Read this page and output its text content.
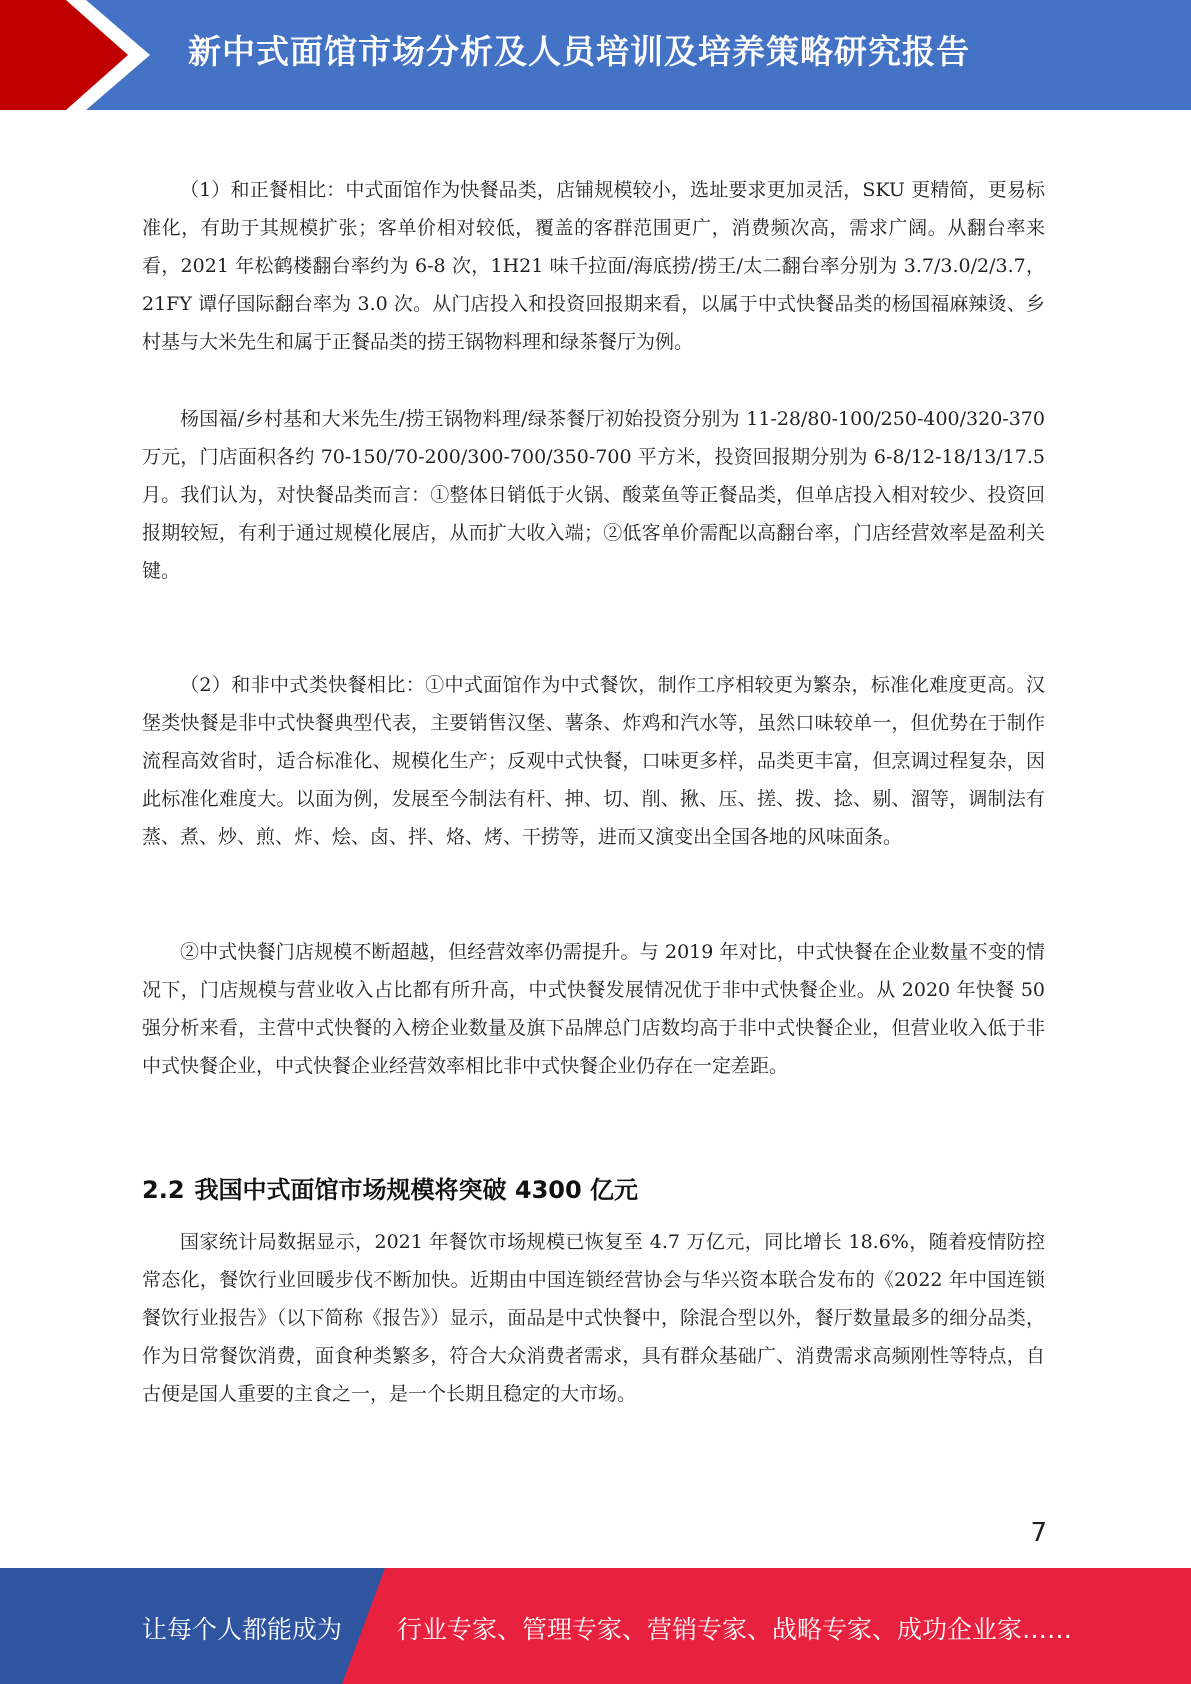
新中式面馆市场分析及人员培训及培养策略研究报告

（1）和正餐相比：中式面馆作为快餐品类，店铺规模较小，选址要求更加灵活，SKU 更精简，更易标准化，有助于其规模扩张；客单价相对较低，覆盖的客群范围更广，消费频次高，需求广阔。从翻台率来看，2021 年松鹤楼翻台率约为 6-8 次，1H21 味千拉面/海底捞/捞王/太二翻台率分别为 3.7/3.0/2/3.7，21FY 谭仔国际翻台率为 3.0 次。从门店投入和投资回报期来看，以属于中式快餐品类的杨国福麻辣烫、乡村基与大米先生和属于正餐品类的捞王锅物料理和绿茶餐厅为例。

杨国福/乡村基和大米先生/捞王锅物料理/绿茶餐厅初始投资分别为 11-28/80-100/250-400/320-370 万元，门店面积各约 70-150/70-200/300-700/350-700 平方米，投资回报期分别为 6-8/12-18/13/17.5 月。我们认为，对快餐品类而言：①整体日销低于火锅、酸菜鱼等正餐品类，但单店投入相对较少、投资回报期较短，有利于通过规模化展店，从而扩大收入端；②低客单价需配以高翻台率，门店经营效率是盈利关键。

（2）和非中式类快餐相比：①中式面馆作为中式餐饮，制作工序相较更为繁杂，标准化难度更高。汉堡类快餐是非中式快餐典型代表，主要销售汉堡、薯条、炸鸡和汽水等，虽然口味较单一，但优势在于制作流程高效省时，适合标准化、规模化生产；反观中式快餐，口味更多样，品类更丰富，但烹调过程复杂，因此标准化难度大。以面为例，发展至今制法有杆、抻、切、削、揪、压、搓、拨、捻、剔、溜等，调制法有蒸、煮、炒、煎、炸、烩、卤、拌、烙、烤、干捞等，进而又演变出全国各地的风味面条。

②中式快餐门店规模不断超越，但经营效率仍需提升。与 2019 年对比，中式快餐在企业数量不变的情况下，门店规模与营业收入占比都有所升高，中式快餐发展情况优于非中式快餐企业。从 2020 年快餐 50 强分析来看，主营中式快餐的入榜企业数量及旗下品牌总门店数均高于非中式快餐企业，但营业收入低于非中式快餐企业，中式快餐企业经营效率相比非中式快餐企业仍存在一定差距。

国家统计局数据显示，2021 年餐饮市场规模已恢复至 4.7 万亿元，同比增长 18.6%，随着疫情防控常态化，餐饮行业回暖步伐不断加快。近期由中国连锁经营协会与华兴资本联合发布的《2022 年中国连锁餐饮行业报告》（以下简称《报告》）显示，面品是中式快餐中，除混合型以外，餐厅数量最多的细分品类，作为日常餐饮消费，面食种类繁多，符合大众消费者需求，具有群众基础广、消费需求高频刚性等特点，自古便是国人重要的主食之一，是一个长期且稳定的大市场。

2.2 我国中式面馆市场规模将突破 4300 亿元
7
让每个人都能成为 行业专家、管理专家、营销专家、战略专家、成功企业家……
